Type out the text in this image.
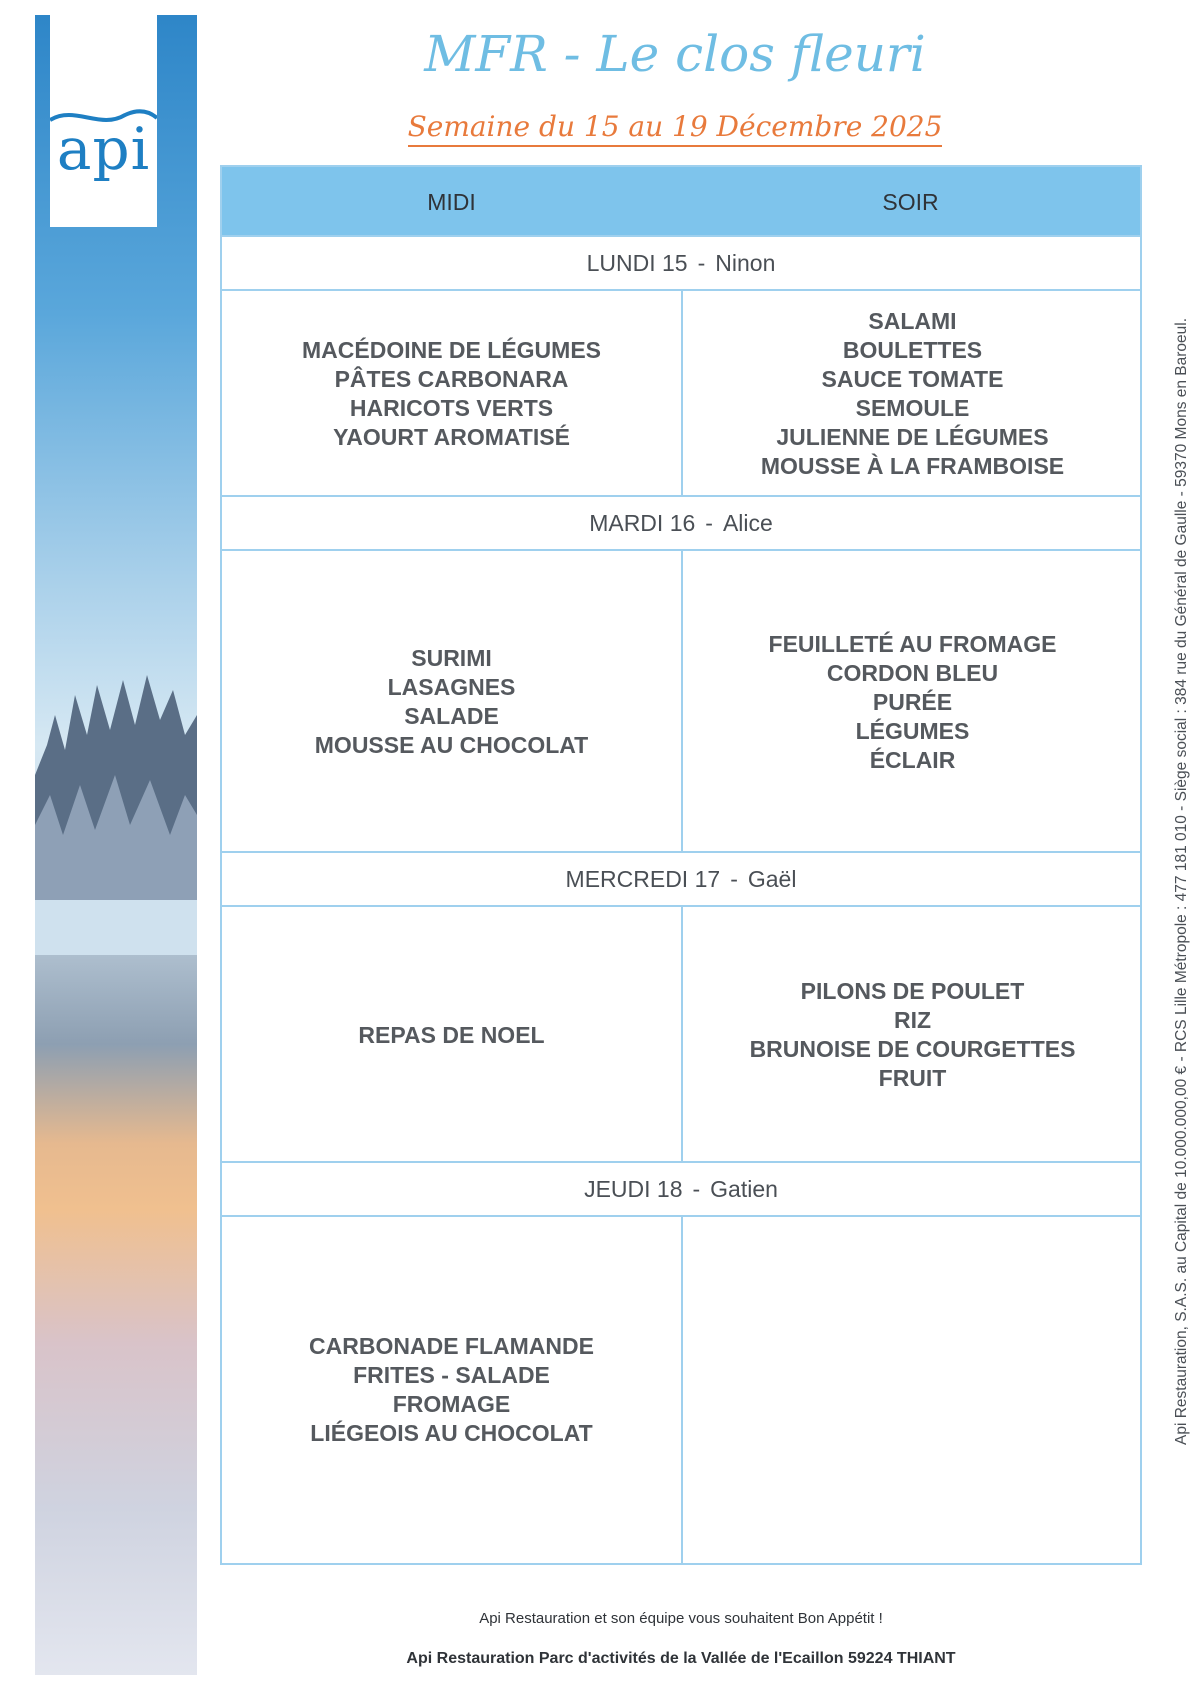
api
MFR - Le clos fleuri
Semaine du 15 au 19 Décembre 2025
MIDI	SOIR
LUNDI 15 - Ninon
MACÉDOINE DE LÉGUMES
PÂTES CARBONARA
HARICOTS VERTS
YAOURT AROMATISÉ
SALAMI
BOULETTES
SAUCE TOMATE
SEMOULE
JULIENNE DE LÉGUMES
MOUSSE À LA FRAMBOISE
MARDI 16 - Alice
SURIMI
LASAGNES
SALADE
MOUSSE AU CHOCOLAT
FEUILLETÉ AU FROMAGE
CORDON BLEU
PURÉE
LÉGUMES
ÉCLAIR
MERCREDI 17 - Gaël
REPAS DE NOEL
PILONS DE POULET
RIZ
BRUNOISE DE COURGETTES
FRUIT
JEUDI 18 - Gatien
CARBONADE FLAMANDE
FRITES - SALADE
FROMAGE
LIÉGEOIS AU CHOCOLAT	Api Restauration, S.A.S. au Capital de 10.000.000,00 € - RCS Lille Métropole : 477 181 010 - Siège social : 384 rue du Général de Gaulle - 59370 Mons en Baroeul.
Api Restauration et son équipe vous souhaitent Bon Appétit !
Api Restauration Parc d'activités de la Vallée de l'Ecaillon 59224 THIANT
